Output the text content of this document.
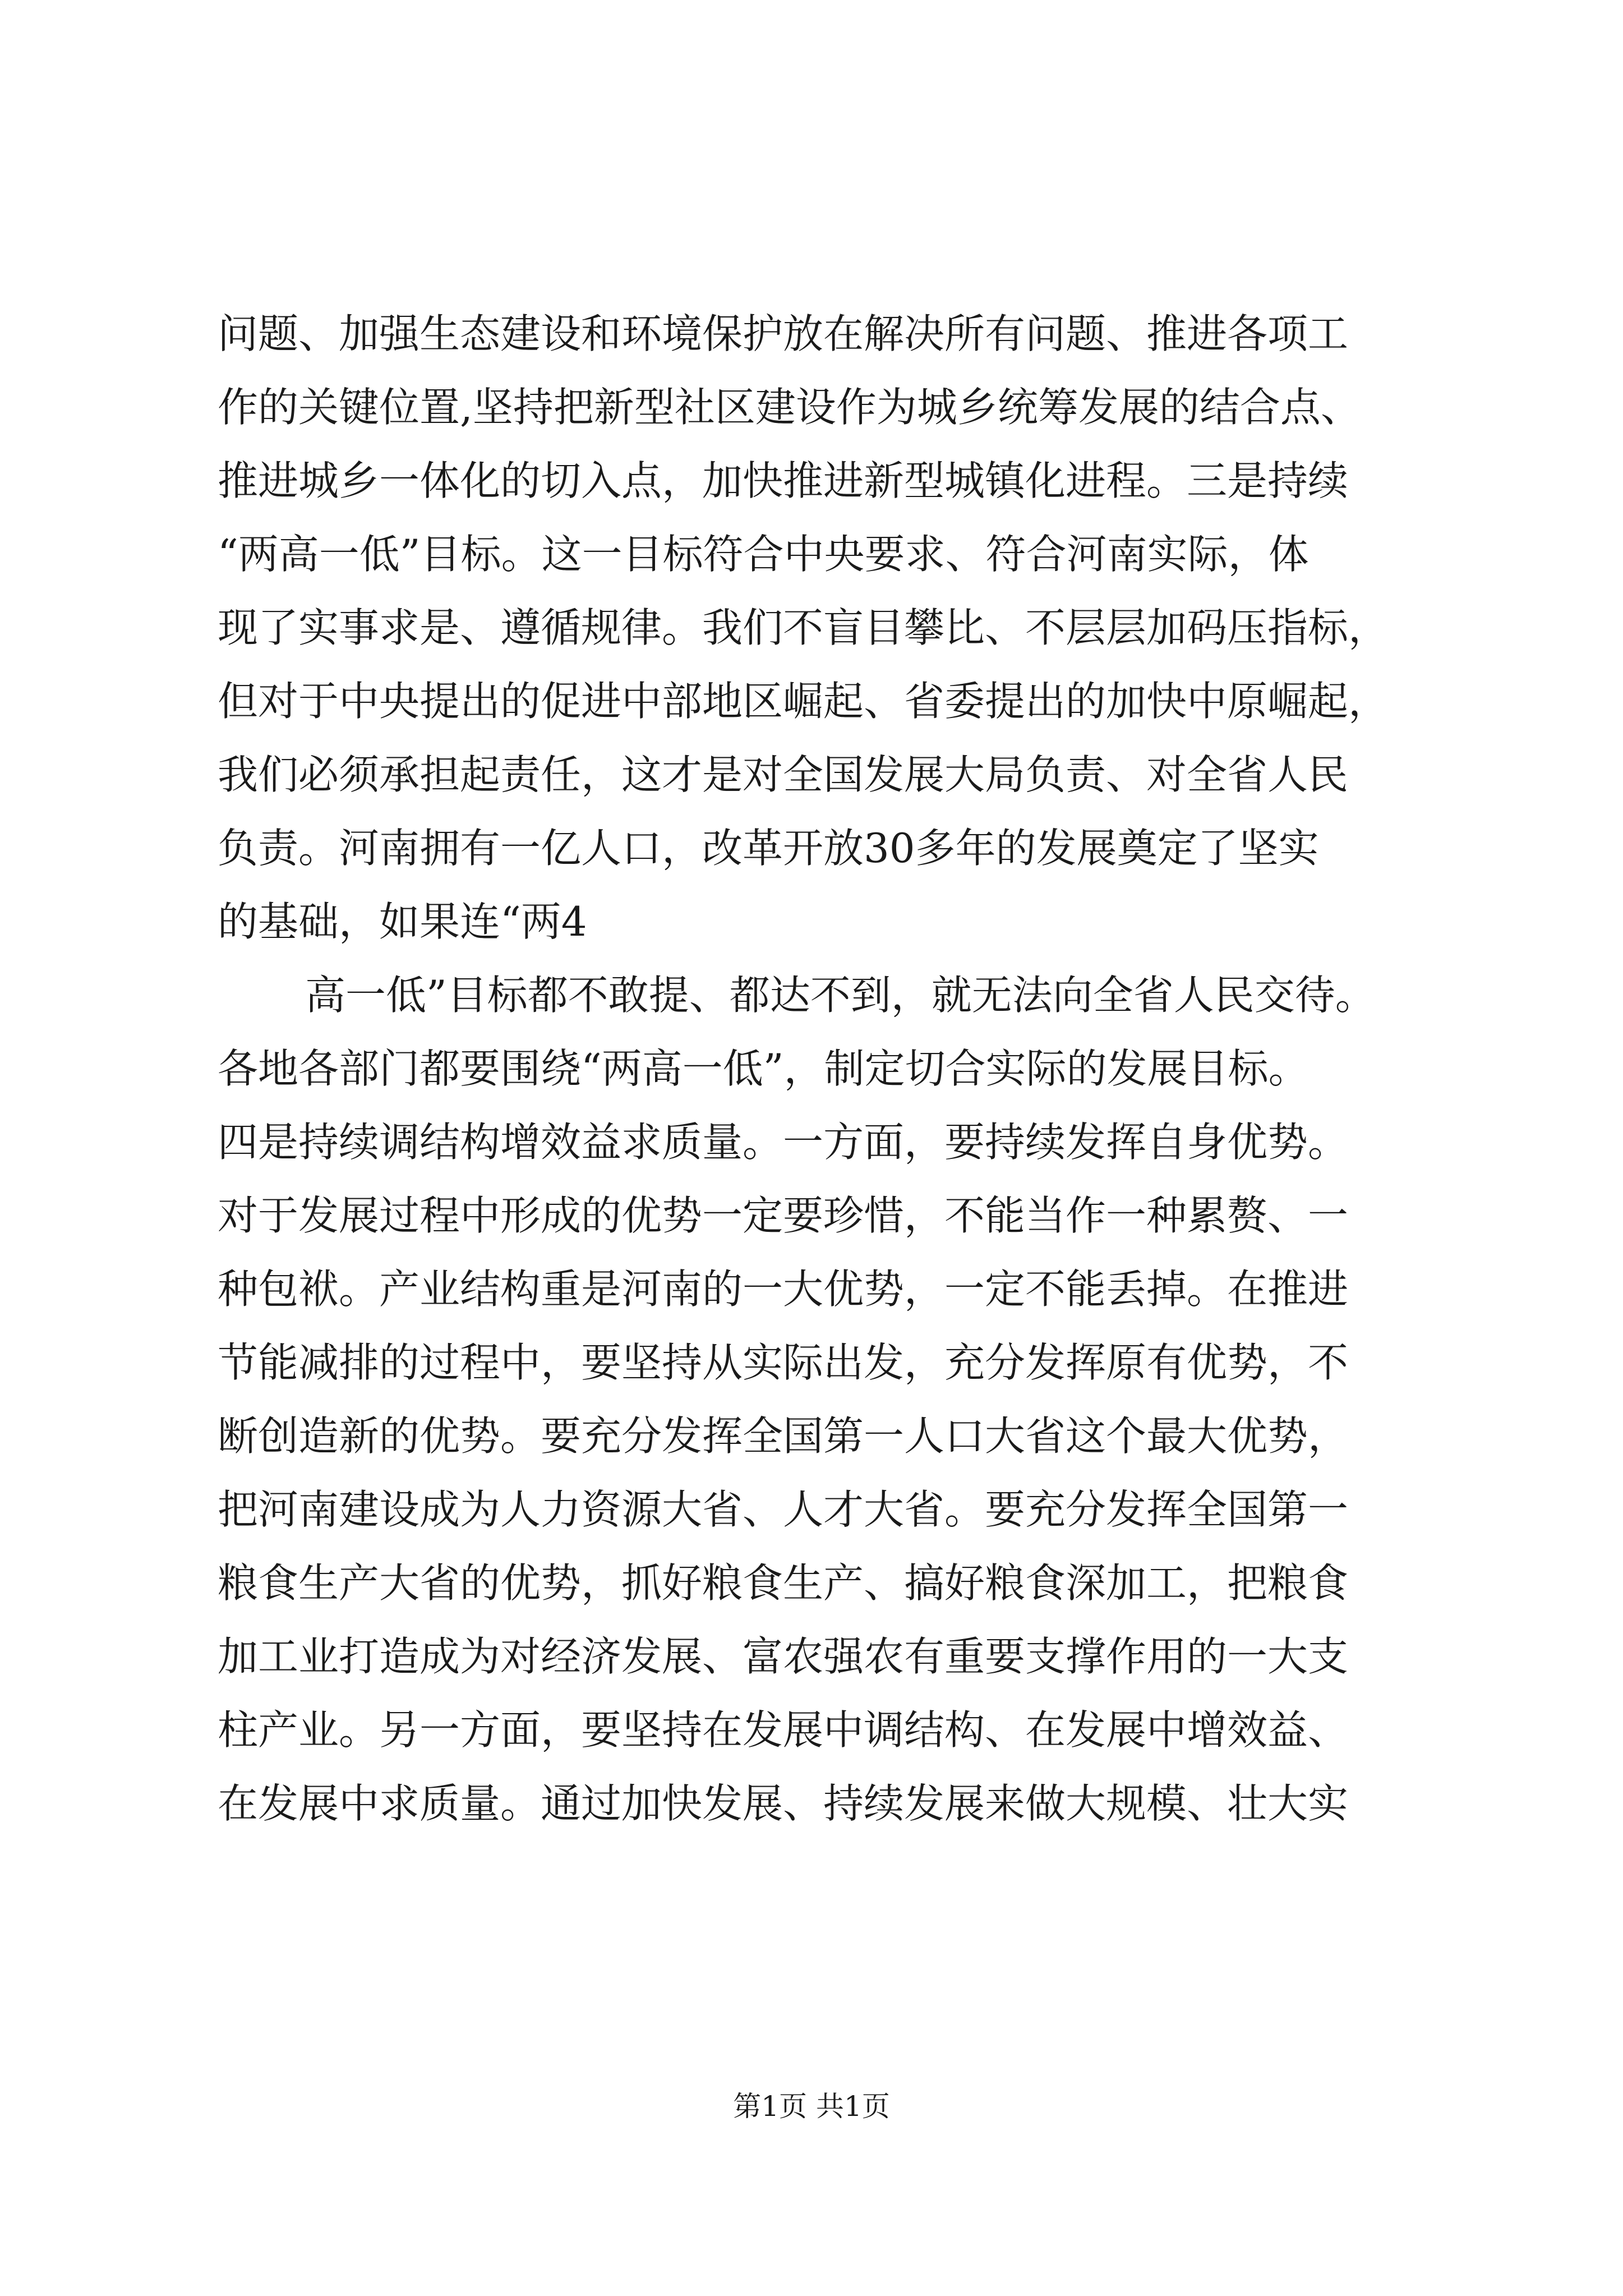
问题、加强生态建设和环境保护放在解决所有问题、推进各项工
作的关键位置,坚持把新型社区建设作为城乡统筹发展的结合点、
推进城乡一体化的切入点，加快推进新型城镇化进程。三是持续
“两高一低”目标。这一目标符合中央要求、符合河南实际，体
现了实事求是、遵循规律。我们不盲目攀比、不层层加码压指标，
但对于中央提出的促进中部地区崛起、省委提出的加快中原崛起，
我们必须承担起责任，这才是对全国发展大局负责、对全省人民
负责。河南拥有一亿人口，改革开放30多年的发展奠定了坚实
的基础，如果连“两4
高一低”目标都不敢提、都达不到，就无法向全省人民交待。
各地各部门都要围绕“两高一低”，制定切合实际的发展目标。
四是持续调结构增效益求质量。一方面，要持续发挥自身优势。
对于发展过程中形成的优势一定要珍惜，不能当作一种累赘、一
种包袱。产业结构重是河南的一大优势，一定不能丢掉。在推进
节能减排的过程中，要坚持从实际出发，充分发挥原有优势，不
断创造新的优势。要充分发挥全国第一人口大省这个最大优势，
把河南建设成为人力资源大省、人才大省。要充分发挥全国第一
粮食生产大省的优势，抓好粮食生产、搞好粮食深加工，把粮食
加工业打造成为对经济发展、富农强农有重要支撑作用的一大支
柱产业。另一方面，要坚持在发展中调结构、在发展中增效益、
在发展中求质量。通过加快发展、持续发展来做大规模、壮大实
第1页 共1页
